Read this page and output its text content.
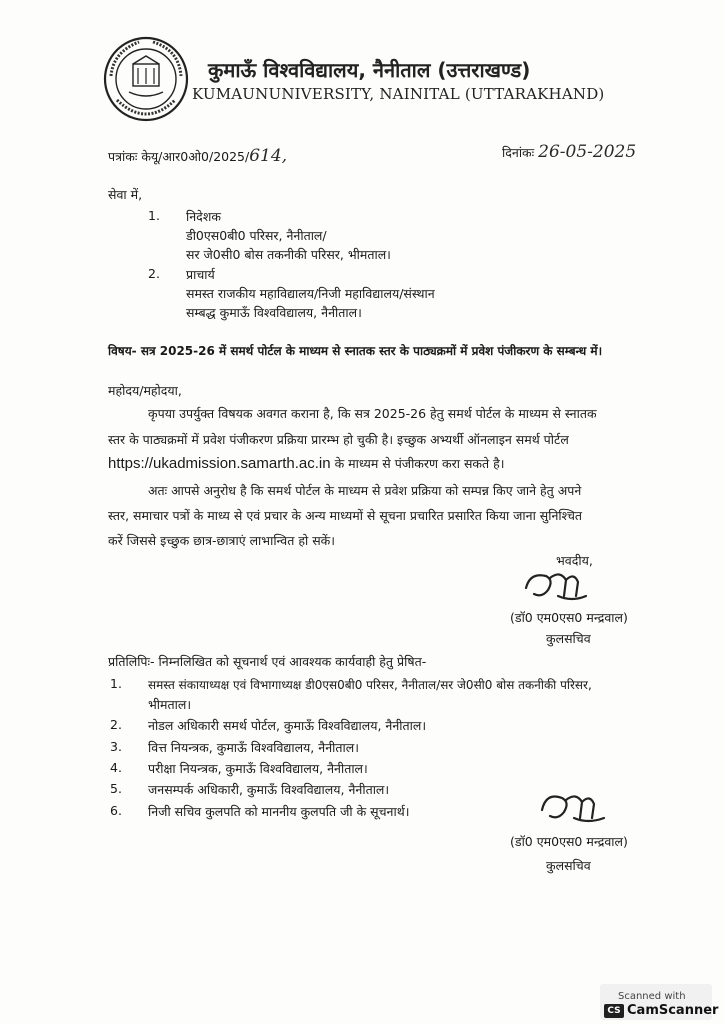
कुमाऊँ विश्वविद्यालय, नैनीताल (उत्तराखण्ड)
KUMAUNUNIVERSITY, NAINITAL (UTTARAKHAND)
पत्रांकः केयू/आर0ओ0/2025/614,	दिनांकः 26-05-2025
सेवा में,
1. निदेशक
डी0एस0बी0 परिसर, नैनीताल/
सर जे0सी0 बोस तकनीकी परिसर, भीमताल।
2. प्राचार्य
समस्त राजकीय महाविद्यालय/निजी महाविद्यालय/संस्थान
सम्बद्ध कुमाऊँ विश्वविद्यालय, नैनीताल।
विषय- सत्र 2025-26 में समर्थ पोर्टल के माध्यम से स्नातक स्तर के पाठ्यक्रमों में प्रवेश पंजीकरण के सम्बन्ध में।
महोदय/महोदया,
कृपया उपर्युक्त विषयक अवगत कराना है, कि सत्र 2025-26 हेतु समर्थ पोर्टल के माध्यम से स्नातक
स्तर के पाठ्यक्रमों में प्रवेश पंजीकरण प्रक्रिया प्रारम्भ हो चुकी है। इच्छुक अभ्यर्थी ऑनलाइन समर्थ पोर्टल
https://ukadmission.samarth.ac.in के माध्यम से पंजीकरण करा सकते है।
अतः आपसे अनुरोध है कि समर्थ पोर्टल के माध्यम से प्रवेश प्रक्रिया को सम्पन्न किए जाने हेतु अपने
स्तर, समाचार पत्रों के माध्य से एवं प्रचार के अन्य माध्यमों से सूचना प्रचारित प्रसारित किया जाना सुनिश्चित
करें जिससे इच्छुक छात्र-छात्राएं लाभान्वित हो सकें।
भवदीय,
(डॉ0 एम0एस0 मन्द्रवाल)
कुलसचिव
प्रतिलिपिः- निम्नलिखित को सूचनार्थ एवं आवश्यक कार्यवाही हेतु प्रेषित-
1. समस्त संकायाध्यक्ष एवं विभागाध्यक्ष डी0एस0बी0 परिसर, नैनीताल/सर जे0सी0 बोस तकनीकी परिसर,
भीमताल।
2. नोडल अधिकारी समर्थ पोर्टल, कुमाऊँ विश्वविद्यालय, नैनीताल।
3. वित्त नियन्त्रक, कुमाऊँ विश्वविद्यालय, नैनीताल।
4. परीक्षा नियन्त्रक, कुमाऊँ विश्वविद्यालय, नैनीताल।
5. जनसम्पर्क अधिकारी, कुमाऊँ विश्वविद्यालय, नैनीताल।
6. निजी सचिव कुलपति को माननीय कुलपति जी के सूचनार्थ।
(डॉ0 एम0एस0 मन्द्रवाल)
कुलसचिव
Scanned with
CS CamScanner
